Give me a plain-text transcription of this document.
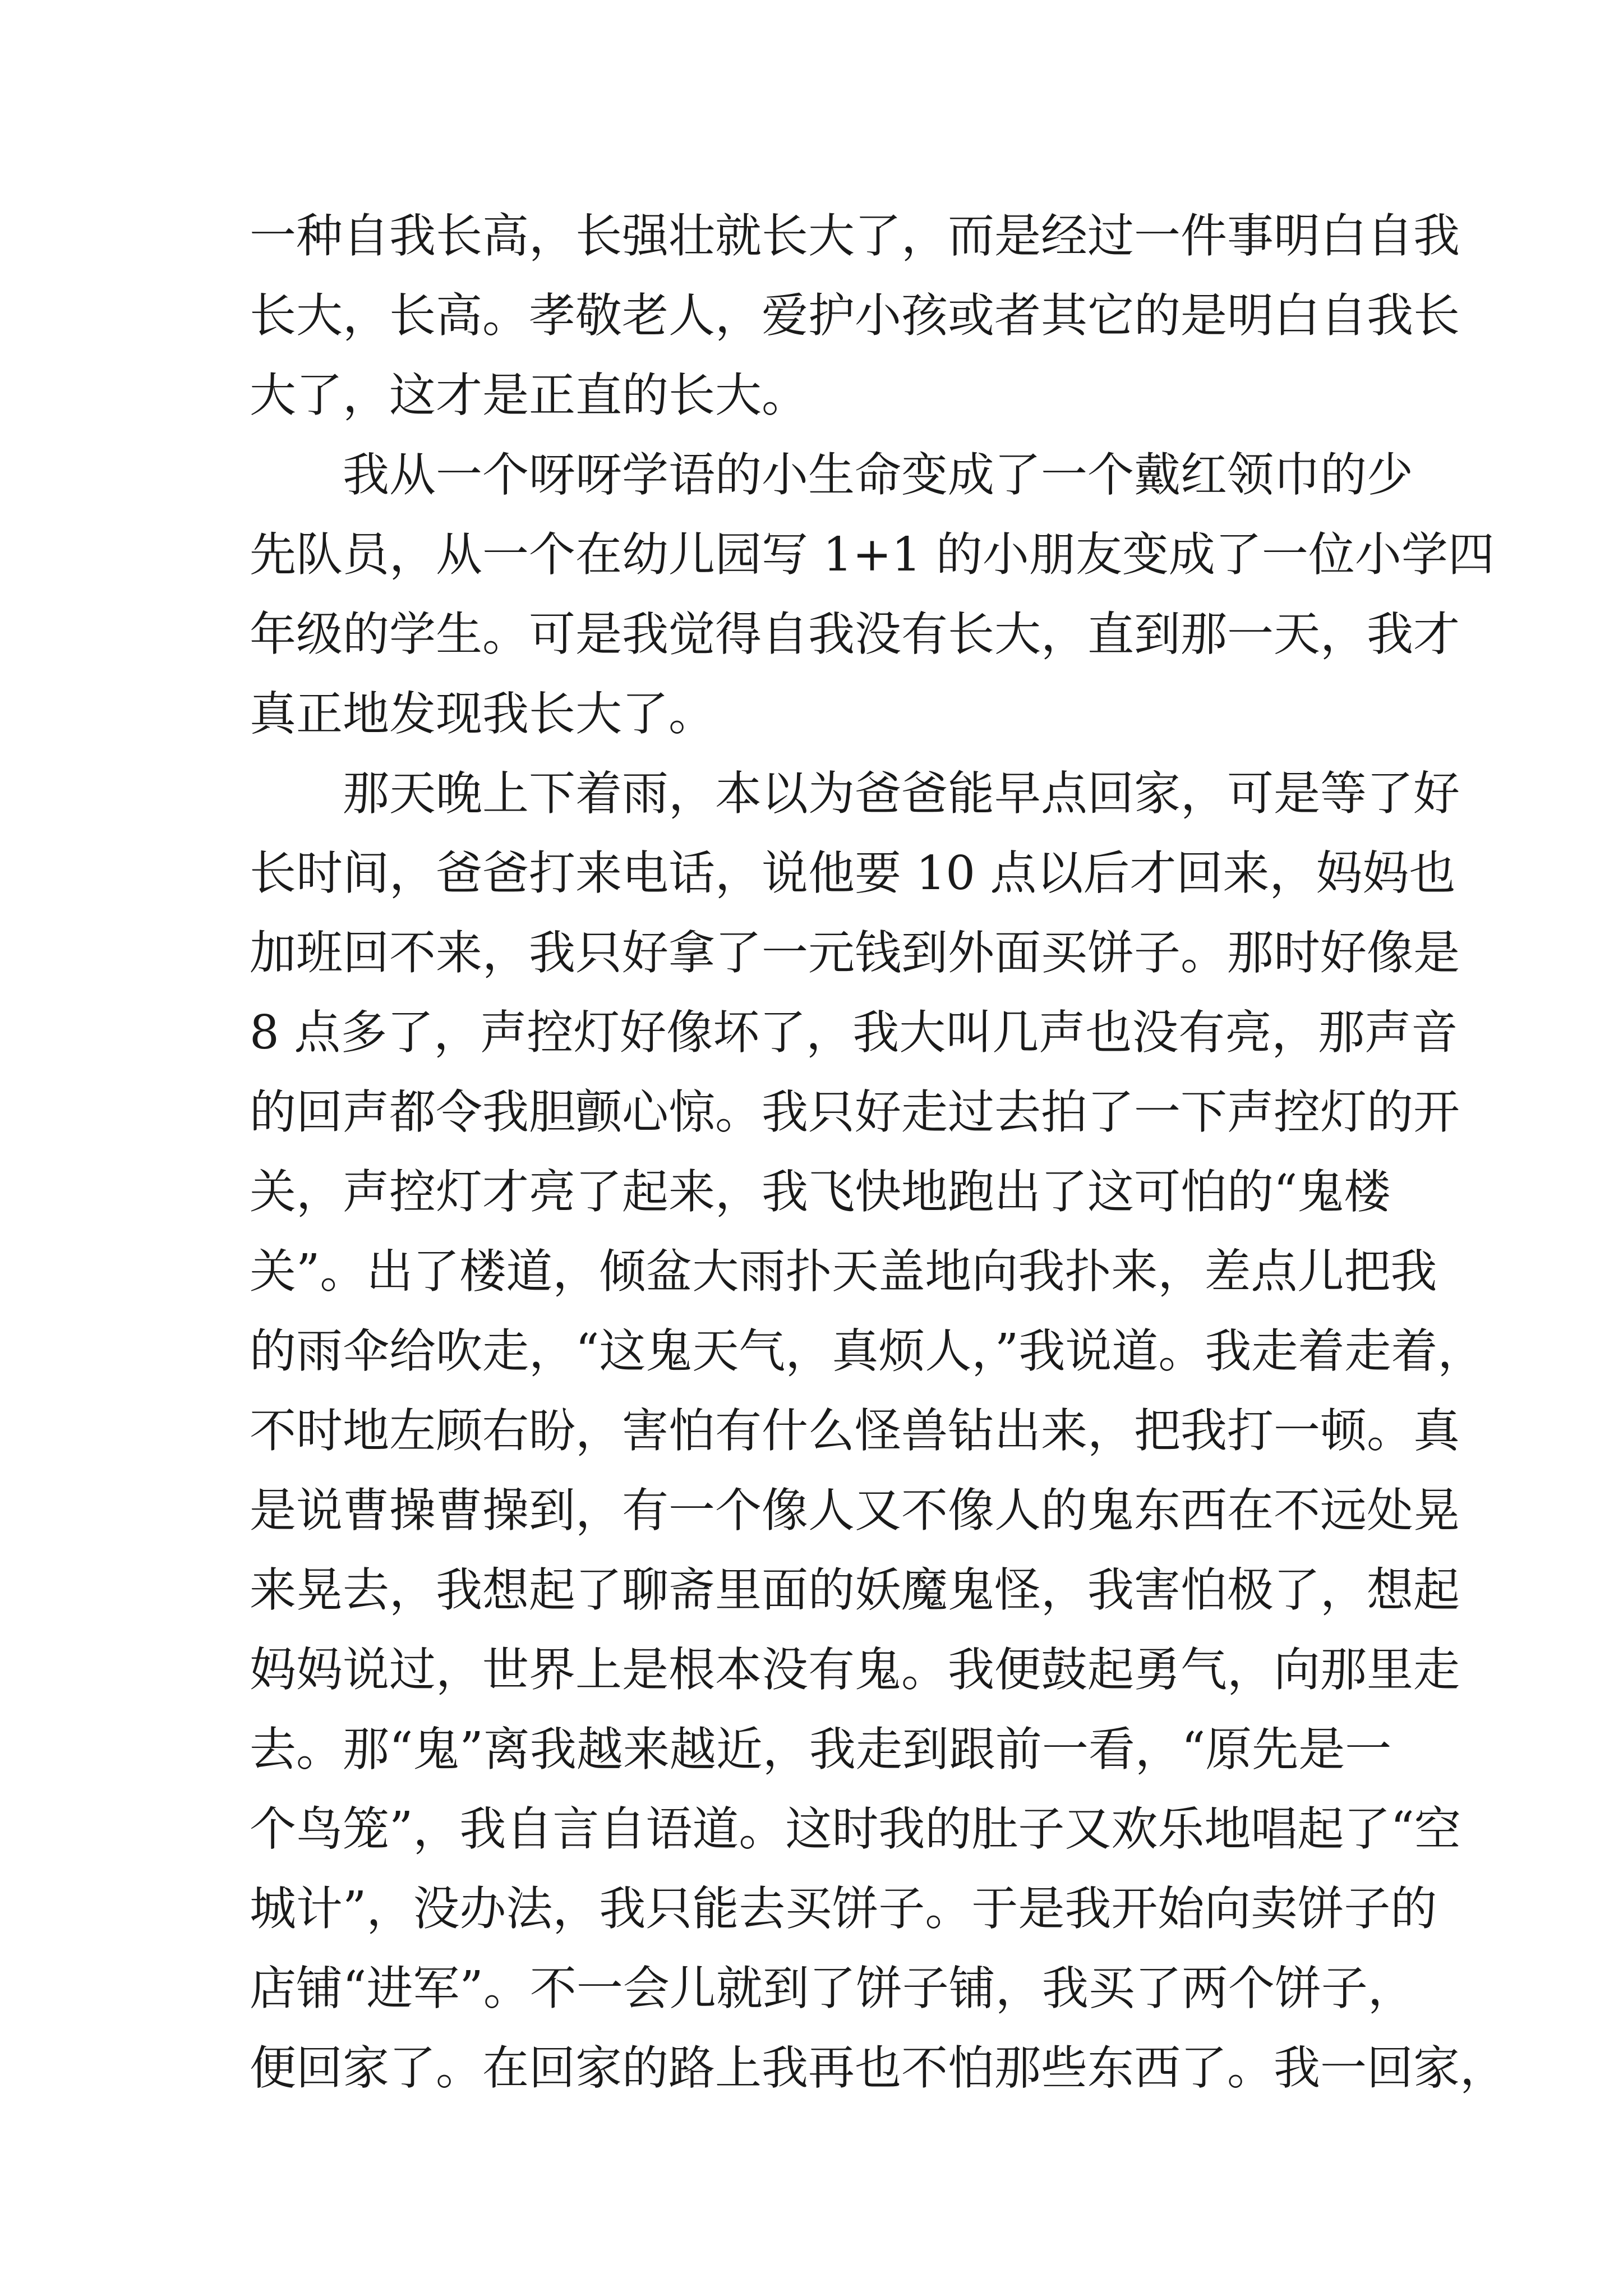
一种自我长高，长强壮就长大了，而是经过一件事明白自我
长大，长高。孝敬老人，爱护小孩或者其它的是明白自我长
大了，这才是正直的长大。
我从一个呀呀学语的小生命变成了一个戴红领巾的少
先队员，从一个在幼儿园写 1+1 的小朋友变成了一位小学四
年级的学生。可是我觉得自我没有长大，直到那一天，我才
真正地发现我长大了。
那天晚上下着雨，本以为爸爸能早点回家，可是等了好
长时间，爸爸打来电话，说他要 10 点以后才回来，妈妈也
加班回不来，我只好拿了一元钱到外面买饼子。那时好像是
8 点多了，声控灯好像坏了，我大叫几声也没有亮，那声音
的回声都令我胆颤心惊。我只好走过去拍了一下声控灯的开
关，声控灯才亮了起来，我飞快地跑出了这可怕的“鬼楼
关”。出了楼道，倾盆大雨扑天盖地向我扑来，差点儿把我
的雨伞给吹走，“这鬼天气，真烦人，”我说道。我走着走着，
不时地左顾右盼，害怕有什么怪兽钻出来，把我打一顿。真
是说曹操曹操到，有一个像人又不像人的鬼东西在不远处晃
来晃去，我想起了聊斋里面的妖魔鬼怪，我害怕极了，想起
妈妈说过，世界上是根本没有鬼。我便鼓起勇气，向那里走
去。那“鬼”离我越来越近，我走到跟前一看，“原先是一
个鸟笼”，我自言自语道。这时我的肚子又欢乐地唱起了“空
城计”，没办法，我只能去买饼子。于是我开始向卖饼子的
店铺“进军”。不一会儿就到了饼子铺，我买了两个饼子，
便回家了。在回家的路上我再也不怕那些东西了。我一回家，
